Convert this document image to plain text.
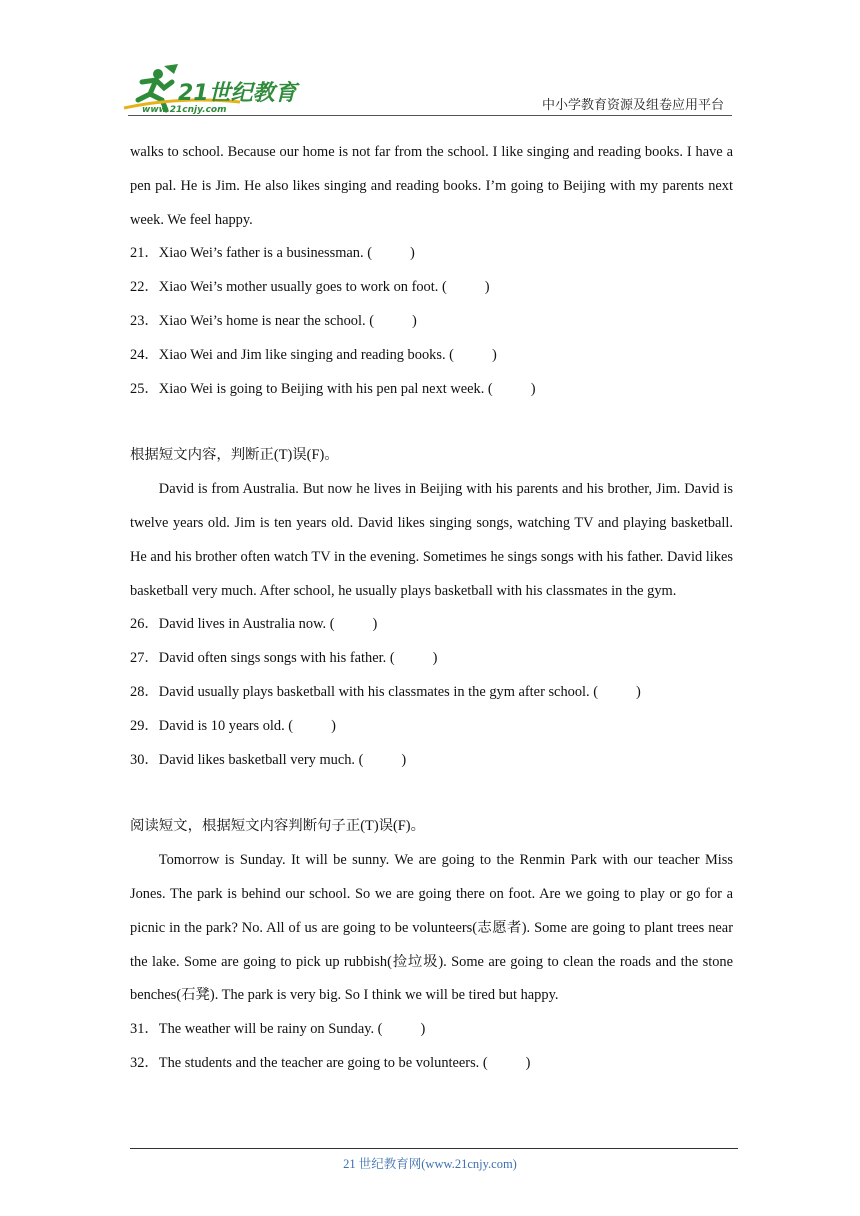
21世纪教育
www.21cnjy.com	中小学教育资源及组卷应用平台

walks to school. Because our home is not far from the school. I like singing and reading books. I have a pen pal. He is Jim. He also likes singing and reading books. I’m going to Beijing with my parents next week. We feel happy.

21．Xiao Wei’s father is a businessman. (	)

22．Xiao Wei’s mother usually goes to work on foot. (	)

23．Xiao Wei’s home is near the school. (	)

24．Xiao Wei and Jim like singing and reading books. (	)

25．Xiao Wei is going to Beijing with his pen pal next week. (	)

根据短文内容，判断正(T)误(F)。

David is from Australia. But now he lives in Beijing with his parents and his brother, Jim. David is twelve years old. Jim is ten years old. David likes singing songs, watching TV and playing basketball. He and his brother often watch TV in the evening. Sometimes he sings songs with his father. David likes basketball very much. After school, he usually plays basketball with his classmates in the gym.

26．David lives in Australia now. (	)

27．David often sings songs with his father. (	)

28．David usually plays basketball with his classmates in the gym after school. (	)

29．David is 10 years old. (	)

30．David likes basketball very much. (	)

阅读短文，根据短文内容判断句子正(T)误(F)。

Tomorrow is Sunday. It will be sunny. We are going to the Renmin Park with our teacher Miss Jones. The park is behind our school. So we are going there on foot. Are we going to play or go for a picnic in the park? No. All of us are going to be volunteers(志愿者). Some are going to plant trees near the lake. Some are going to pick up rubbish(捡垃圾). Some are going to clean the roads and the stone benches(石凳). The park is very big. So I think we will be tired but happy.

31．The weather will be rainy on Sunday. (	)

32．The students and the teacher are going to be volunteers. (	)

21 世纪教育网(www.21cnjy.com)
